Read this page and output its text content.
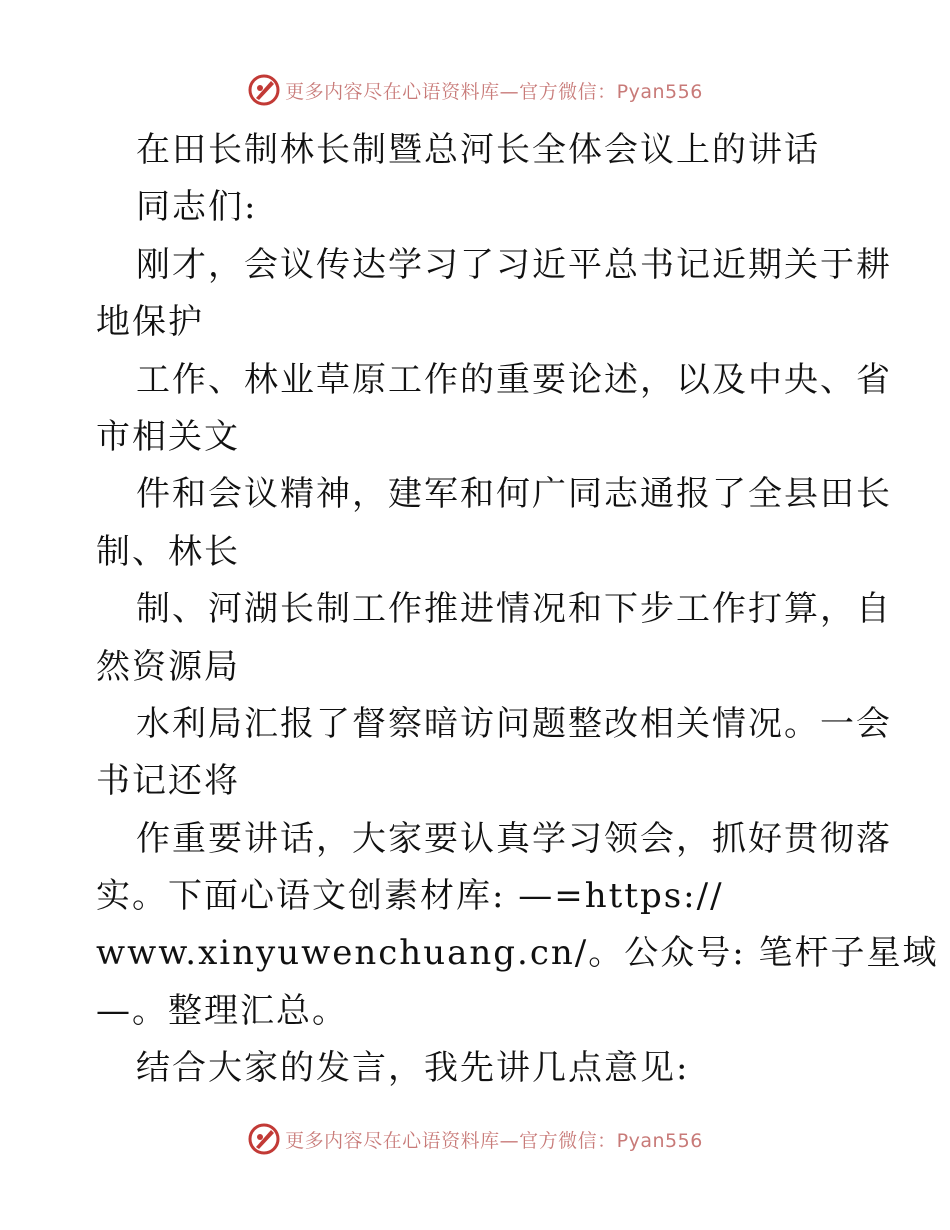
更多内容尽在心语资料库—官方微信：Pyan556
在田长制林长制暨总河长全体会议上的讲话
同志们:
刚才，会议传达学习了习近平总书记近期关于耕
地保护
工作、林业草原工作的重要论述，以及中央、省
市相关文
件和会议精神，建军和何广同志通报了全县田长
制、林长
制、河湖长制工作推进情况和下步工作打算，自
然资源局
水利局汇报了督察暗访问题整改相关情况。一会
书记还将
作重要讲话，大家要认真学习领会，抓好贯彻落
实。下面心语文创素材库: —=https://
www.xinyuwenchuang.cn/。公众号: 笔杆子星域
—。整理汇总。
结合大家的发言，我先讲几点意见:
更多内容尽在心语资料库—官方微信：Pyan556
